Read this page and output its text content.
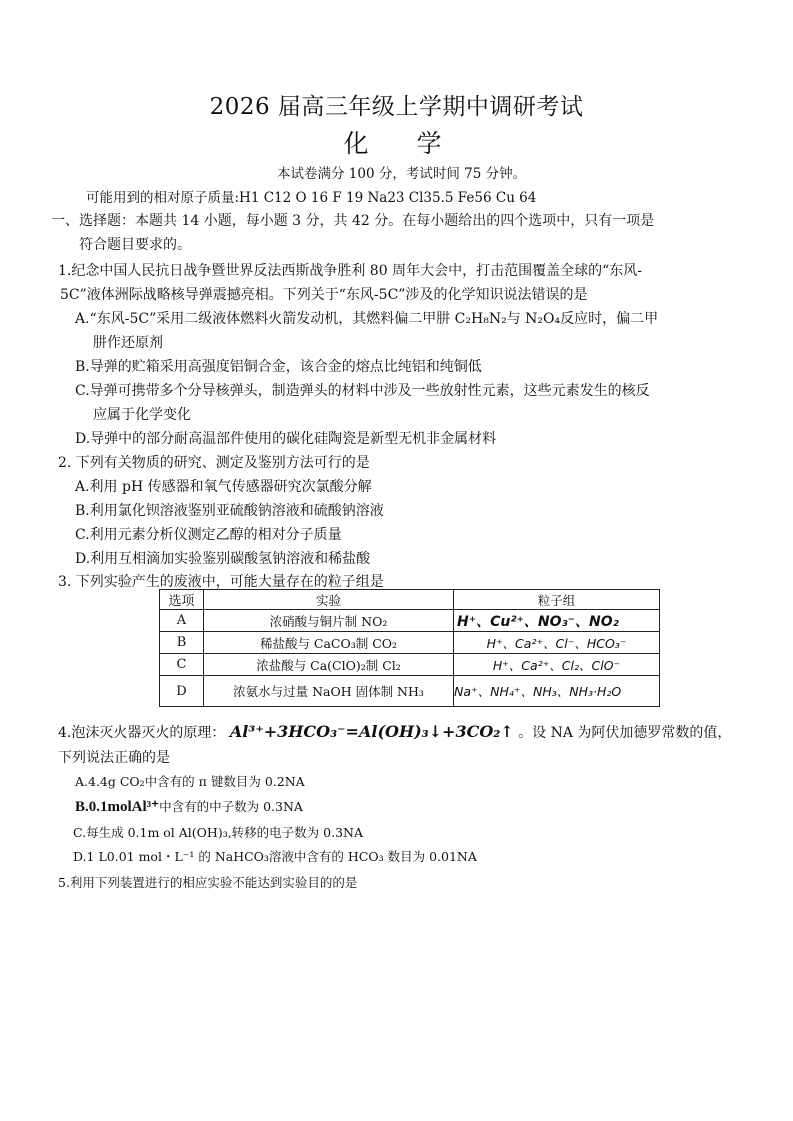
2026 届高三年级上学期中调研考试
化学
本试卷满分 100 分，考试时间 75 分钟。
可能用到的相对原子质量:H1 C12 O 16 F 19 Na23 Cl35.5 Fe56 Cu 64
一、选择题：本题共 14 小题，每小题 3 分，共 42 分。在每小题给出的四个选项中，只有一项是
符合题目要求的。
1.纪念中国人民抗日战争暨世界反法西斯战争胜利 80 周年大会中，打击范围覆盖全球的“东风-
5C”液体洲际战略核导弹震撼亮相。下列关于“东风-5C”涉及的化学知识说法错误的是
A.“东风-5C”采用二级液体燃料火箭发动机，其燃料偏二甲肼 C₂H₈N₂与 N₂O₄反应时，偏二甲
肼作还原剂
B.导弹的贮箱采用高强度铝铜合金，该合金的熔点比纯铝和纯铜低
C.导弹可携带多个分导核弹头，制造弹头的材料中涉及一些放射性元素，这些元素发生的核反
应属于化学变化
D.导弹中的部分耐高温部件使用的碳化硅陶瓷是新型无机非金属材料
2. 下列有关物质的研究、测定及鉴别方法可行的是
A.利用 pH 传感器和氧气传感器研究次氯酸分解
B.利用氯化钡溶液鉴别亚硫酸钠溶液和硫酸钠溶液
C.利用元素分析仪测定乙醇的相对分子质量
D.利用互相滴加实验鉴别碳酸氢钠溶液和稀盐酸
3. 下列实验产生的废液中，可能大量存在的粒子组是
选项	实验	粒子组
A	浓硝酸与铜片制 NO₂	H⁺、Cu²⁺、NO₃⁻、NO₂

B	稀盐酸与 CaCO₃制 CO₂	H⁺、Ca²⁺、Cl⁻、HCO₃⁻
C	浓盐酸与 Ca(ClO)₂制 Cl₂	H⁺、Ca²⁺、Cl₂、ClO⁻
D	浓氨水与过量 NaOH 固体制 NH₃	Na⁺、NH₄⁺、NH₃、NH₃·H₂O
4.泡沫灭火器灭火的原理： Al³⁺+3HCO₃⁻=Al(OH)₃↓+3CO₂↑ 。设 NA 为阿伏加德罗常数的值，
下列说法正确的是
A.4.4g CO₂中含有的 π 键数目为 0.2NA
B.0.1molAl³⁺中含有的中子数为 0.3NA
C.每生成 0.1m ol Al(OH)₃,转移的电子数为 0.3NA
D.1 L0.01 mol・L⁻¹ 的 NaHCO₃溶液中含有的 HCO₃ 数目为 0.01NA
5.利用下列装置进行的相应实验不能达到实验目的的是
